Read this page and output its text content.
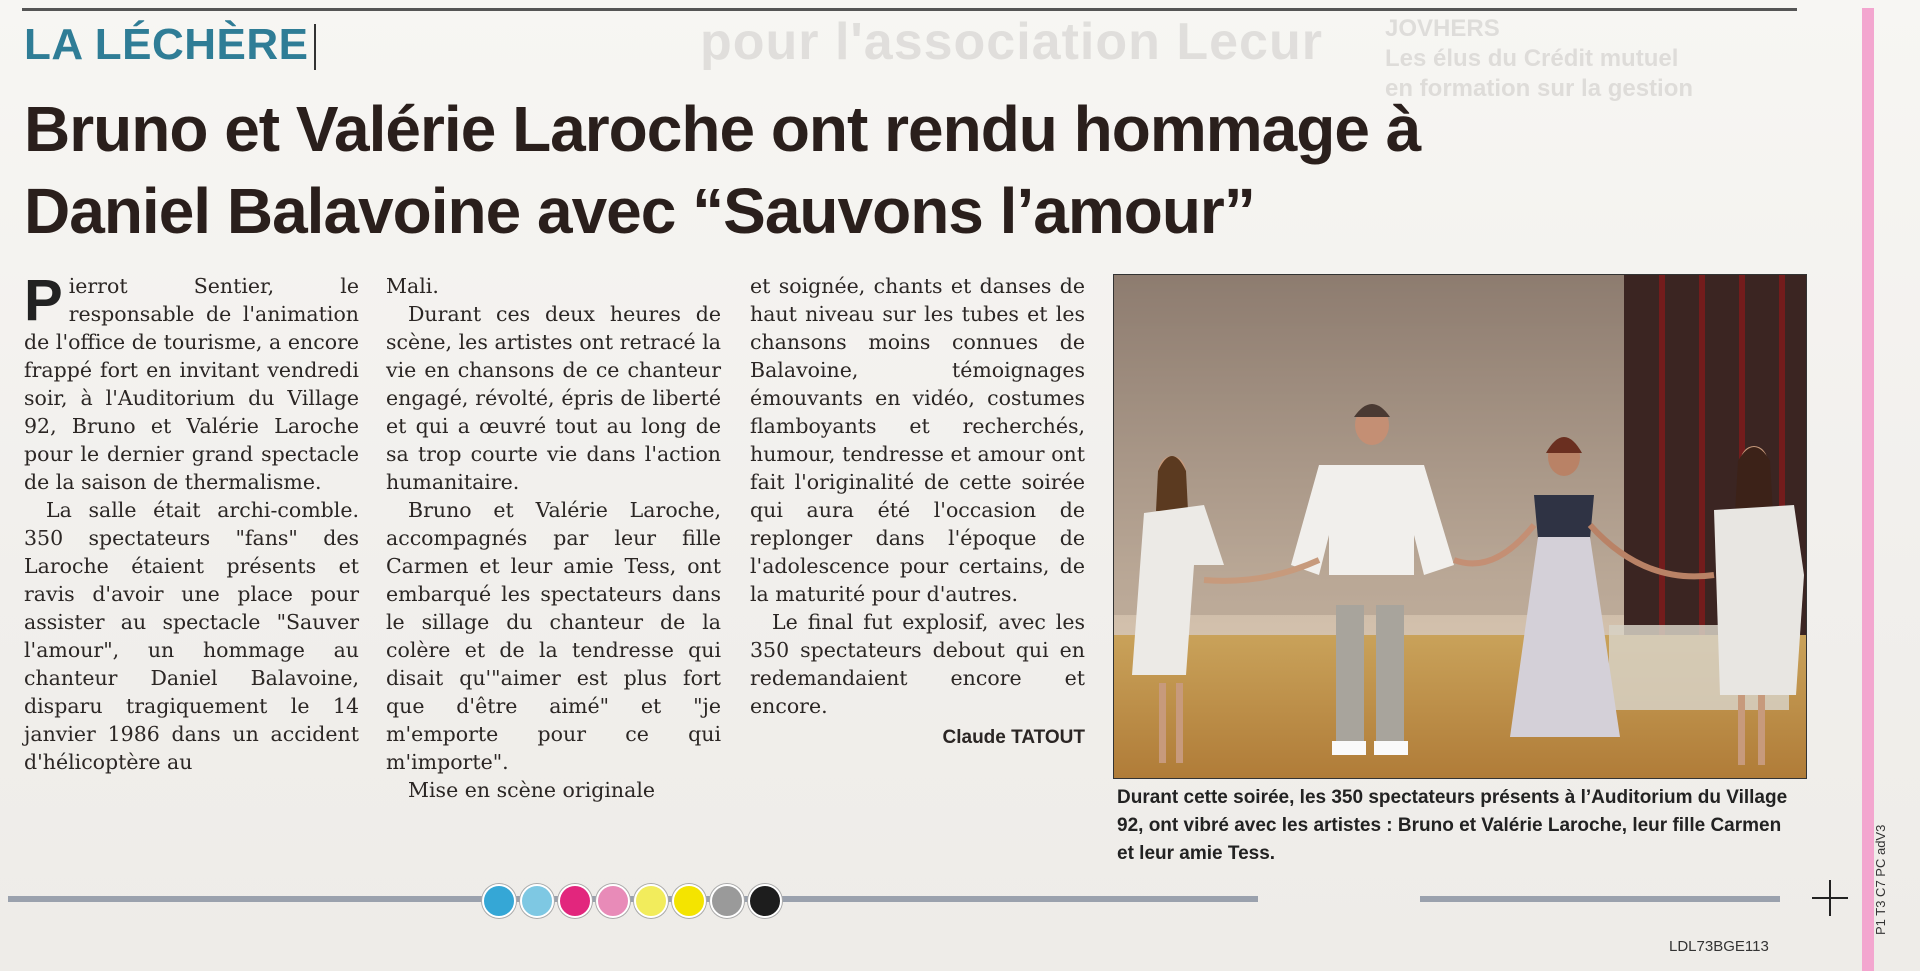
pour l'association Lecur	JOVHERS
Les élus du Crédit mutuel
en formation sur la gestion
LA LÉCHÈRE
Bruno et Valérie Laroche ont rendu hommage à Daniel Balavoine avec “Sauvons l’amour”

Pierrot Sentier, le responsable de l'animation de l'office de tourisme, a encore frappé fort en invitant vendredi soir, à l'Auditorium du Village 92, Bruno et Valérie Laroche pour le dernier grand spectacle de la saison de thermalisme.

La salle était archi-comble. 350 spectateurs "fans" des Laroche étaient présents et ravis d'avoir une place pour assister au spectacle "Sauver l'amour", un hommage au chanteur Daniel Balavoine, disparu tragiquement le 14 janvier 1986 dans un accident d'hélicoptère au

Mali.

Durant ces deux heures de scène, les artistes ont retracé la vie en chansons de ce chanteur engagé, révolté, épris de liberté et qui a œuvré tout au long de sa trop courte vie dans l'action humanitaire.

Bruno et Valérie Laroche, accompagnés par leur fille Carmen et leur amie Tess, ont embarqué les spectateurs dans le sillage du chanteur de la colère et de la tendresse qui disait qu'"aimer est plus fort que d'être aimé" et "je m'emporte pour ce qui m'importe".

Mise en scène originale

et soignée, chants et danses de haut niveau sur les tubes et les chansons moins connues de Balavoine, témoignages émouvants en vidéo, costumes flamboyants et recherchés, humour, tendresse et amour ont fait l'originalité de cette soirée qui aura été l'occasion de replonger dans l'époque de l'adolescence pour certains, de la maturité pour d'autres.

Le final fut explosif, avec les 350 spectateurs debout qui en redemandaient encore et encore.

Claude TATOUT
Durant cette soirée, les 350 spectateurs présents à l’Auditorium du Village 92, ont vibré avec les artistes : Bruno et Valérie Laroche, leur fille Carmen et leur amie Tess.	P1 T3 C7 PC adV3
LDL73BGE113
